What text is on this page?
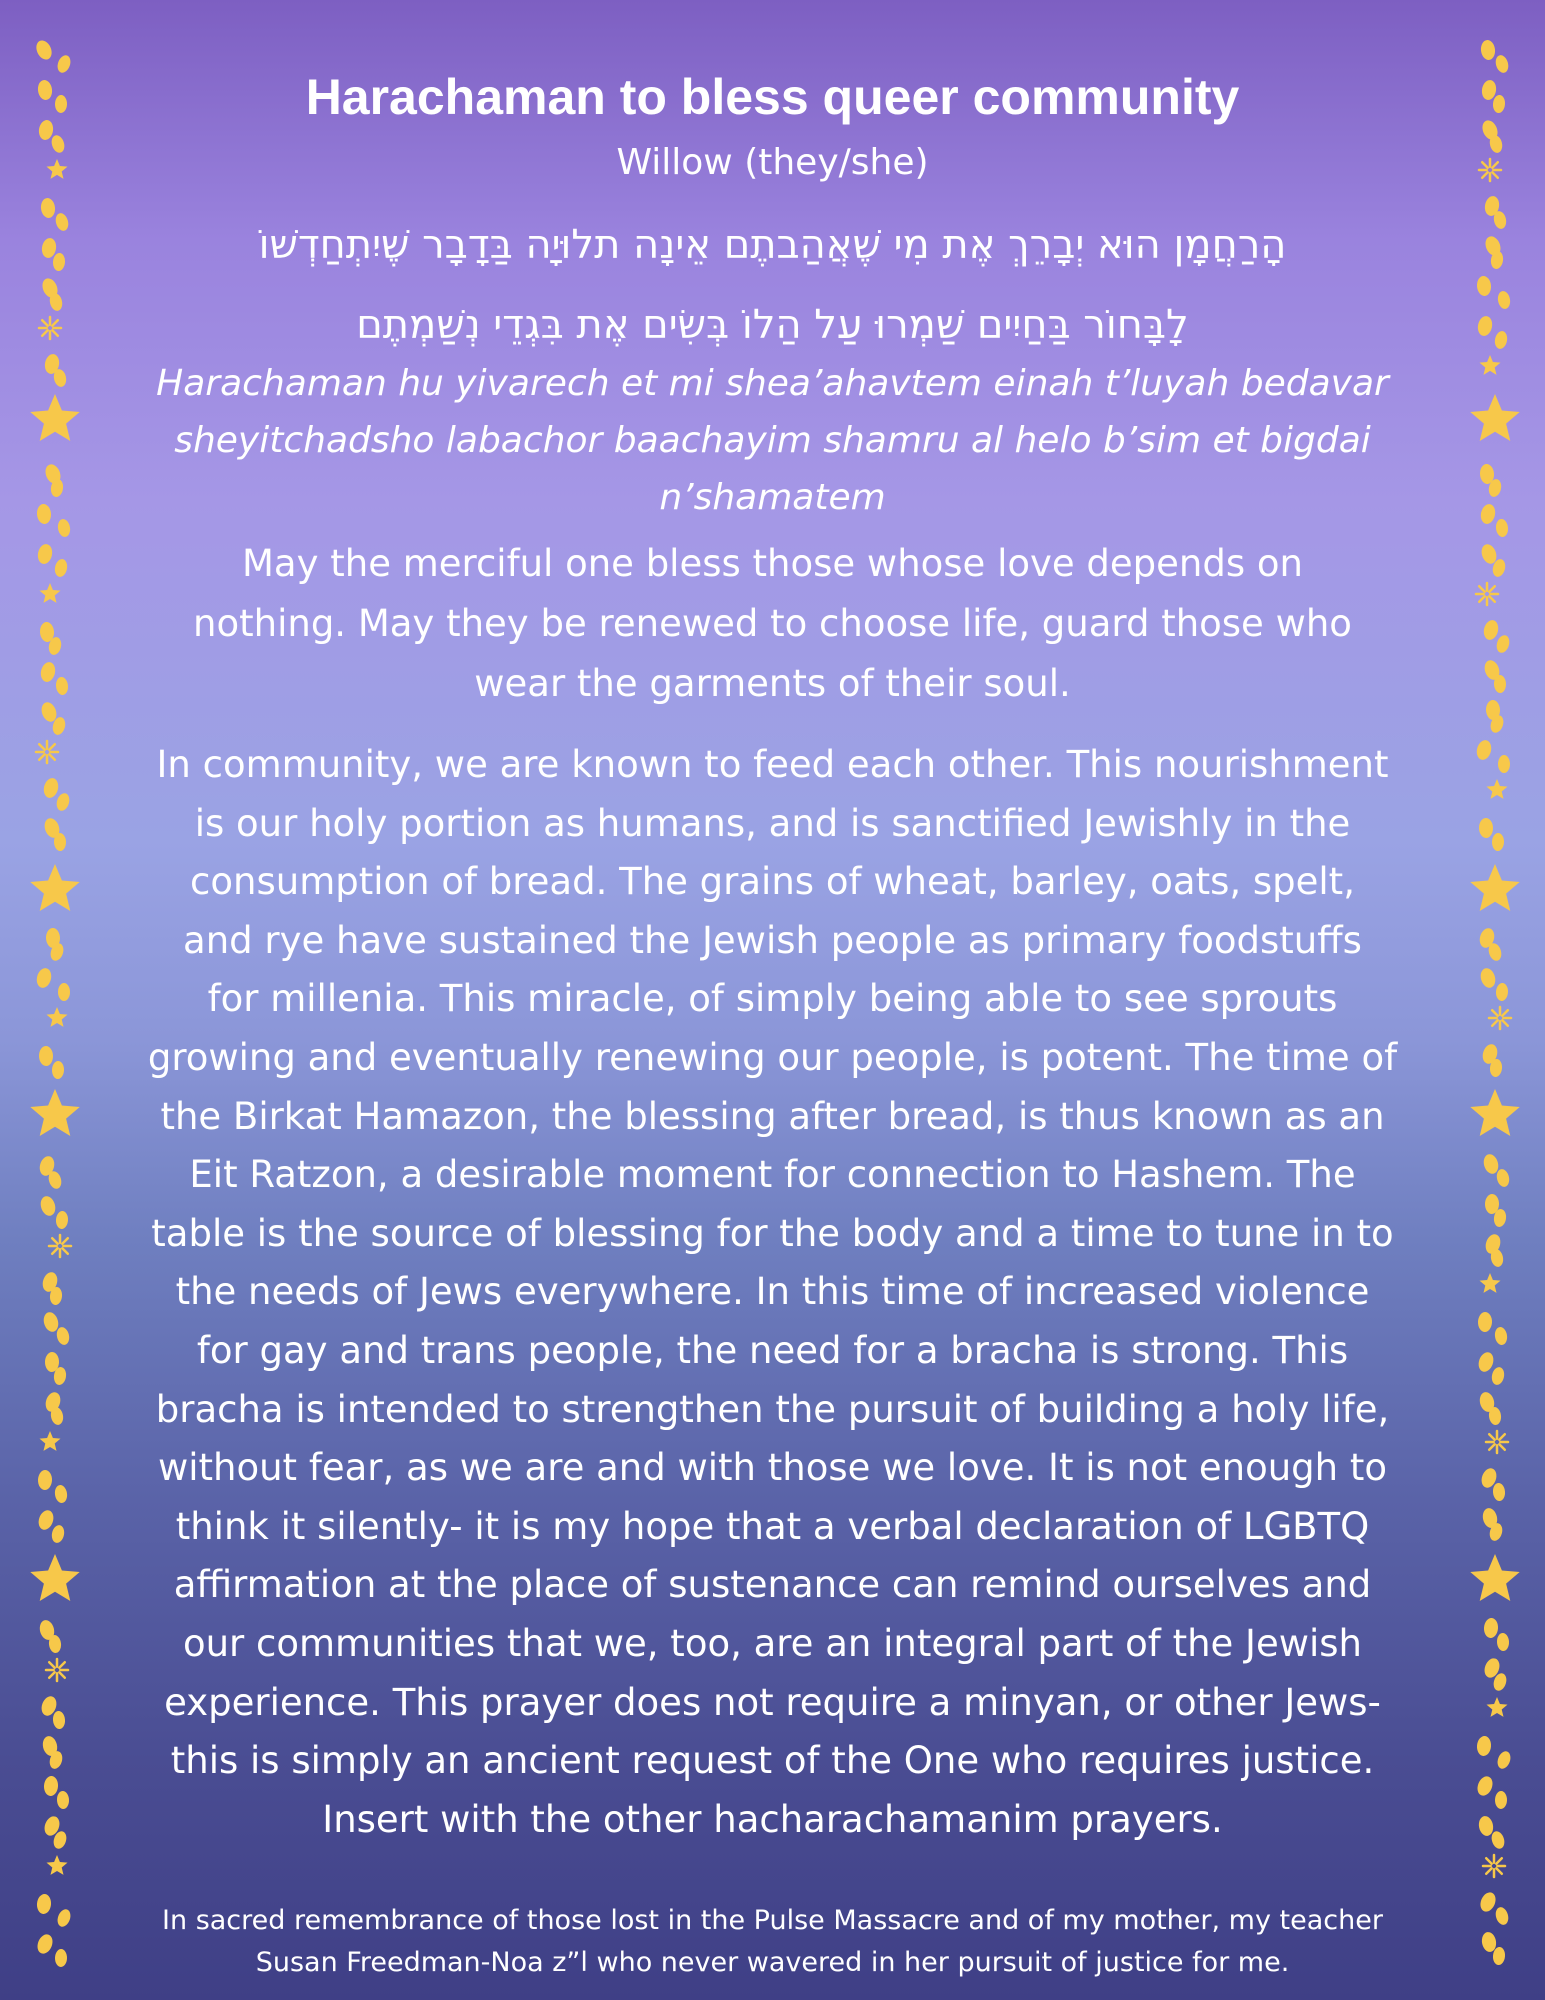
Harachaman to bless queer community
Willow (they/she)
הָרַחֲמָן הוּא יְבָרֵךְ אֶת מִי שֶׁאֲהַבתֶם אֵינָה תלוּיָה בַּדָבָר שֶׁיִתְחַדְשׁוֹ
לָבָּחוֹר בַּחַיִים שַׁמְרוּ עַל הַלוֹ בְּשִׂים אֶת בִּגְדֵי נְשַׁמְתֶם
Harachaman hu yivarech et mi shea’ahavtem einah t’luyah bedavar
sheyitchadsho labachor baachayim shamru al helo b’sim et bigdai
n’shamatem
May the merciful one bless those whose love depends on
nothing. May they be renewed to choose life, guard those who
wear the garments of their soul.
In community, we are known to feed each other. This nourishment
is our holy portion as humans, and is sanctified Jewishly in the
consumption of bread. The grains of wheat, barley, oats, spelt,
and rye have sustained the Jewish people as primary foodstuffs
for millenia. This miracle, of simply being able to see sprouts
growing and eventually renewing our people, is potent. The time of
the Birkat Hamazon, the blessing after bread, is thus known as an
Eit Ratzon, a desirable moment for connection to Hashem. The
table is the source of blessing for the body and a time to tune in to
the needs of Jews everywhere. In this time of increased violence
for gay and trans people, the need for a bracha is strong. This
bracha is intended to strengthen the pursuit of building a holy life,
without fear, as we are and with those we love. It is not enough to
think it silently- it is my hope that a verbal declaration of LGBTQ
affirmation at the place of sustenance can remind ourselves and
our communities that we, too, are an integral part of the Jewish
experience. This prayer does not require a minyan, or other Jews-
this is simply an ancient request of the One who requires justice.
Insert with the other hacharachamanim prayers.
In sacred remembrance of those lost in the Pulse Massacre and of my mother, my teacher
Susan Freedman-Noa z”l who never wavered in her pursuit of justice for me.
